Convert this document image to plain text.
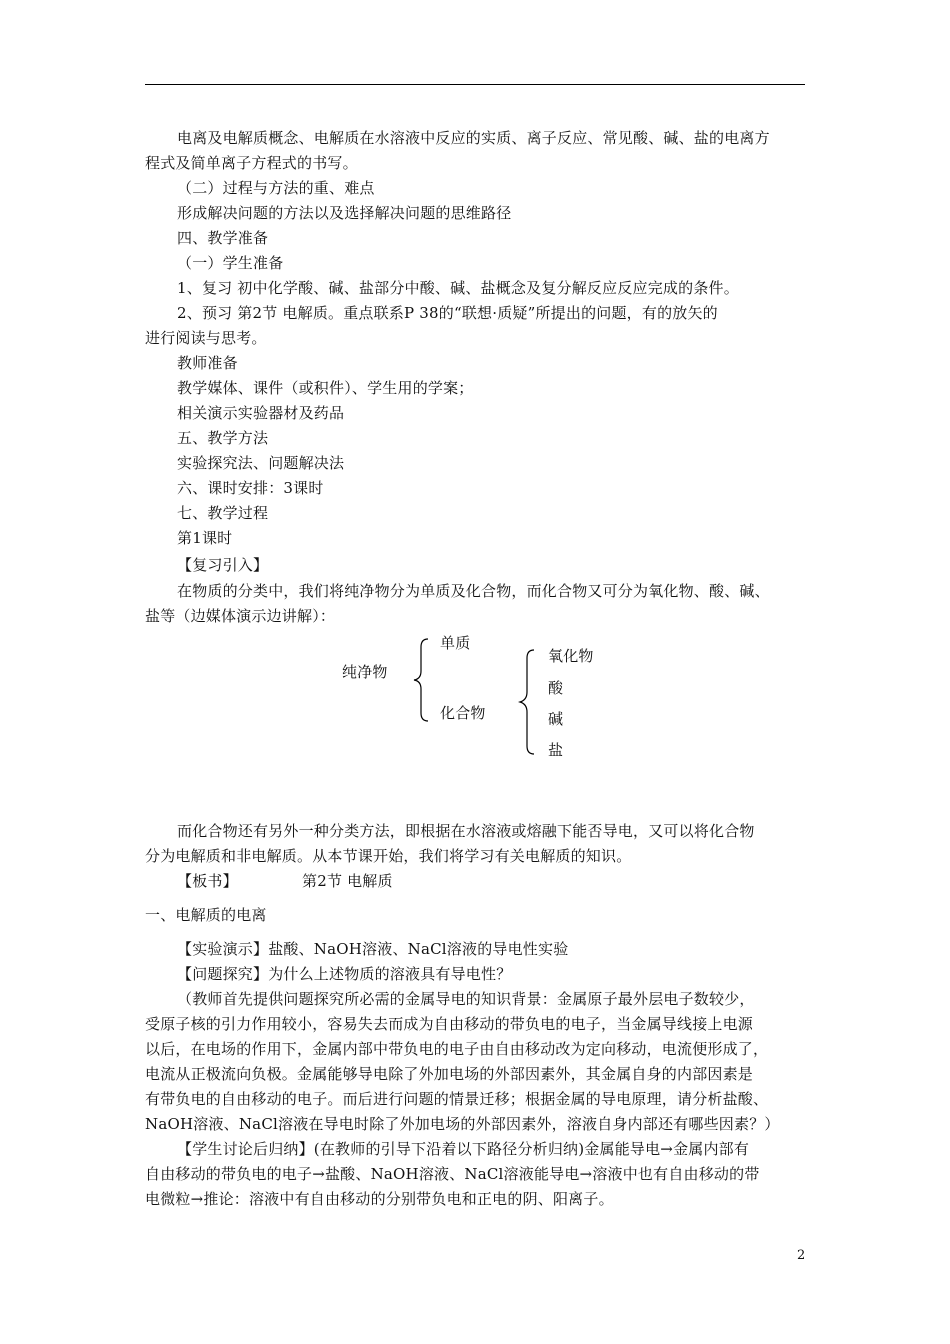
电离及电解质概念、电解质在水溶液中反应的实质、离子反应、常见酸、碱、盐的电离方
程式及简单离子方程式的书写。
（二）过程与方法的重、难点
形成解决问题的方法以及选择解决问题的思维路径
四、教学准备
（一）学生准备
1、复习 初中化学酸、碱、盐部分中酸、碱、盐概念及复分解反应反应完成的条件。
2、预习 第2节 电解质。重点联系P 38的“联想·质疑”所提出的问题，有的放矢的
进行阅读与思考。
教师准备
教学媒体、课件（或积件）、学生用的学案；
相关演示实验器材及药品
五、教学方法
实验探究法、问题解决法
六、课时安排：3课时
七、教学过程
第1课时
【复习引入】
在物质的分类中，我们将纯净物分为单质及化合物，而化合物又可分为氧化物、酸、碱、
盐等（边媒体演示边讲解）：
纯净物
单质
化合物
氧化物
酸
碱
盐
而化合物还有另外一种分类方法，即根据在水溶液或熔融下能否导电，又可以将化合物
分为电解质和非电解质。从本节课开始，我们将学习有关电解质的知识。
【板书】	第2节 电解质
一、电解质的电离
【实验演示】盐酸、NaOH溶液、NaCl溶液的导电性实验
【问题探究】为什么上述物质的溶液具有导电性？
（教师首先提供问题探究所必需的金属导电的知识背景：金属原子最外层电子数较少，
受原子核的引力作用较小，容易失去而成为自由移动的带负电的电子，当金属导线接上电源
以后，在电场的作用下，金属内部中带负电的电子由自由移动改为定向移动，电流便形成了，
电流从正极流向负极。金属能够导电除了外加电场的外部因素外，其金属自身的内部因素是
有带负电的自由移动的电子。而后进行问题的情景迁移；根据金属的导电原理，请分析盐酸、
NaOH溶液、NaCl溶液在导电时除了外加电场的外部因素外，溶液自身内部还有哪些因素？）
【学生讨论后归纳】(在教师的引导下沿着以下路径分析归纳)金属能导电→金属内部有
自由移动的带负电的电子→盐酸、NaOH溶液、NaCl溶液能导电→溶液中也有自由移动的带
电微粒→推论：溶液中有自由移动的分别带负电和正电的阴、阳离子。
2
